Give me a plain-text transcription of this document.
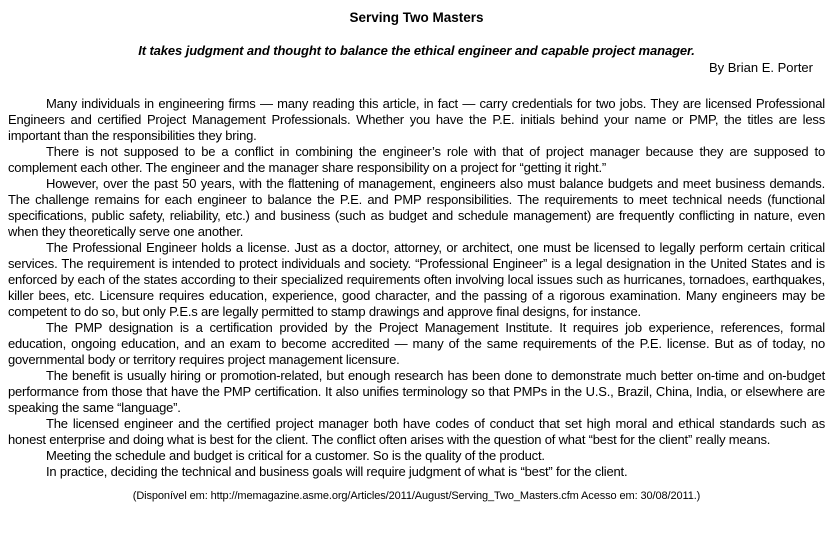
Serving Two Masters
It takes judgment and thought to balance the ethical engineer and capable project manager.
By Brian E. Porter

Many individuals in engineering firms — many reading this article, in fact — carry credentials for two jobs. They are licensed Professional Engineers and certified Project Management Professionals. Whether you have the P.E. initials behind your name or PMP, the titles are less important than the responsibilities they bring.

There is not supposed to be a conflict in combining the engineer’s role with that of project manager because they are supposed to complement each other. The engineer and the manager share responsibility on a project for “getting it right.”

However, over the past 50 years, with the flattening of management, engineers also must balance budgets and meet business demands. The challenge remains for each engineer to balance the P.E. and PMP responsibilities. The requirements to meet technical needs (functional specifications, public safety, reliability, etc.) and business (such as budget and schedule management) are frequently conflicting in nature, even when they theoretically serve one another.

The Professional Engineer holds a license. Just as a doctor, attorney, or architect, one must be licensed to legally perform certain critical services. The requirement is intended to protect individuals and society. “Professional Engineer” is a legal designation in the United States and is enforced by each of the states according to their specialized requirements often involving local issues such as hurricanes, tornadoes, earthquakes, killer bees, etc. Licensure requires education, experience, good character, and the passing of a rigorous examination. Many engineers may be competent to do so, but only P.E.s are legally permitted to stamp drawings and approve final designs, for instance.

The PMP designation is a certification provided by the Project Management Institute. It requires job experience, references, formal education, ongoing education, and an exam to become accredited — many of the same requirements of the P.E. license. But as of today, no governmental body or territory requires project management licensure.

The benefit is usually hiring or promotion-related, but enough research has been done to demonstrate much better on-time and on-budget performance from those that have the PMP certification. It also unifies terminology so that PMPs in the U.S., Brazil, China, India, or elsewhere are speaking the same “language”.

The licensed engineer and the certified project manager both have codes of conduct that set high moral and ethical standards such as honest enterprise and doing what is best for the client. The conflict often arises with the question of what “best for the client” really means.

Meeting the schedule and budget is critical for a customer. So is the quality of the product.

In practice, deciding the technical and business goals will require judgment of what is “best” for the client.

(Disponível em: http://memagazine.asme.org/Articles/2011/August/Serving_Two_Masters.cfm Acesso em: 30/08/2011.)
